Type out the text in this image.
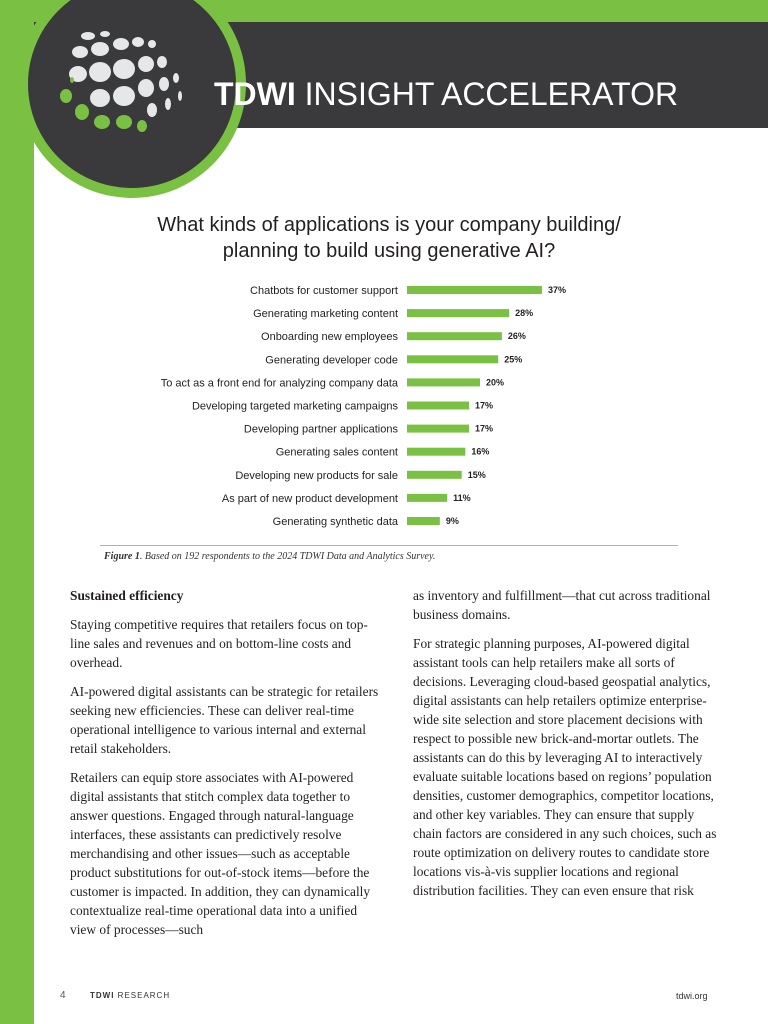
TDWI INSIGHT ACCELERATOR
What kinds of applications is your company building/
planning to build using generative AI?
Chatbots for customer support	37%
Generating marketing content	28%
Onboarding new employees	26%
Generating developer code	25%
To act as a front end for analyzing company data	20%
Developing targeted marketing campaigns	17%
Developing partner applications	17%
Generating sales content	16%
Developing new products for sale	15%
As part of new product development	11%
Generating synthetic data	9%
Figure 1. Based on 192 respondents to the 2024 TDWI Data and Analytics Survey.
Sustained efficiency

Staying competitive requires that retailers focus on top-line sales and revenues and on bottom-line costs and overhead.

AI-powered digital assistants can be strategic for retailers seeking new efficiencies. These can deliver real-time operational intelligence to various internal and external retail stakeholders.

Retailers can equip store associates with AI-powered digital assistants that stitch complex data together to answer questions. Engaged through natural-language interfaces, these assistants can predictively resolve merchandising and other issues—such as acceptable product substitutions for out-of-stock items—before the customer is impacted. In addition, they can dynamically contextualize real-time operational data into a unified view of processes—such

as inventory and fulfillment—that cut across traditional business domains.

For strategic planning purposes, AI-powered digital assistant tools can help retailers make all sorts of decisions. Leveraging cloud-based geospatial analytics, digital assistants can help retailers optimize enterprise-wide site selection and store placement decisions with respect to possible new brick-and-mortar outlets. The assistants can do this by leveraging AI to interactively evaluate suitable locations based on regions’ population densities, customer demographics, competitor locations, and other key variables. They can ensure that supply chain factors are considered in any such choices, such as route optimization on delivery routes to candidate store locations vis-à-vis supplier locations and regional distribution facilities. They can even ensure that risk

4	TDWI RESEARCH	tdwi.org
